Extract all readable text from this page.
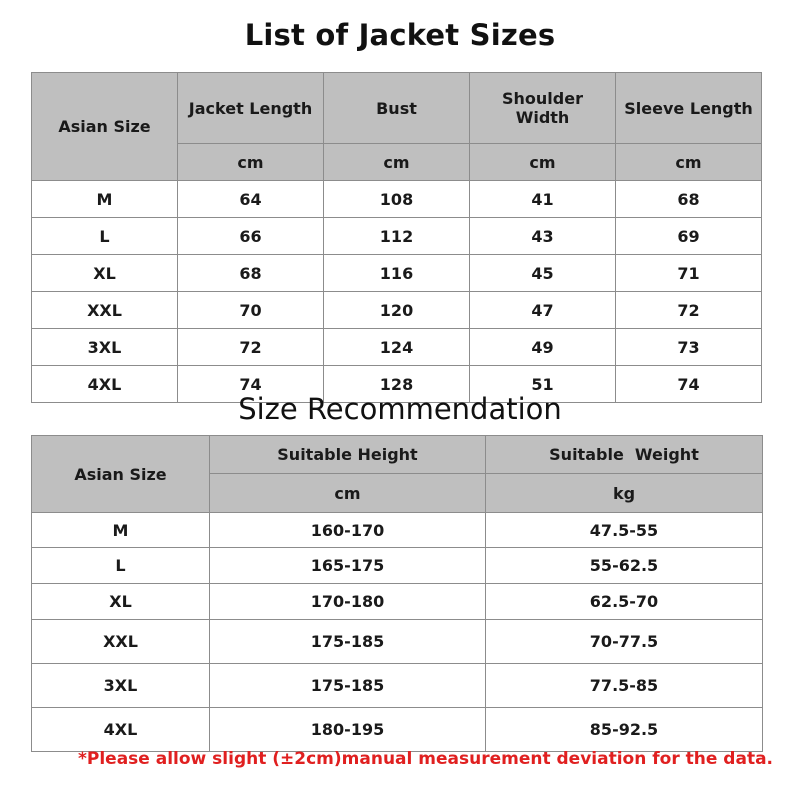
List of Jacket Sizes
Asian Size	Jacket Length	Bust	Shoulder Width	Sleeve Length
	cm	cm	cm	cm
M	64	108	41	68
L	66	112	43	69
XL	68	116	45	71
XXL	70	120	47	72
3XL	72	124	49	73
4XL	74	128	51	74
Size Recommendation
Asian Size	Suitable Height	Suitable  Weight
	cm	kg
M	160-170	47.5-55
L	165-175	55-62.5
XL	170-180	62.5-70
XXL	175-185	70-77.5
3XL	175-185	77.5-85
4XL	180-195	85-92.5
*Please allow slight (±2cm)manual measurement deviation for the data.
